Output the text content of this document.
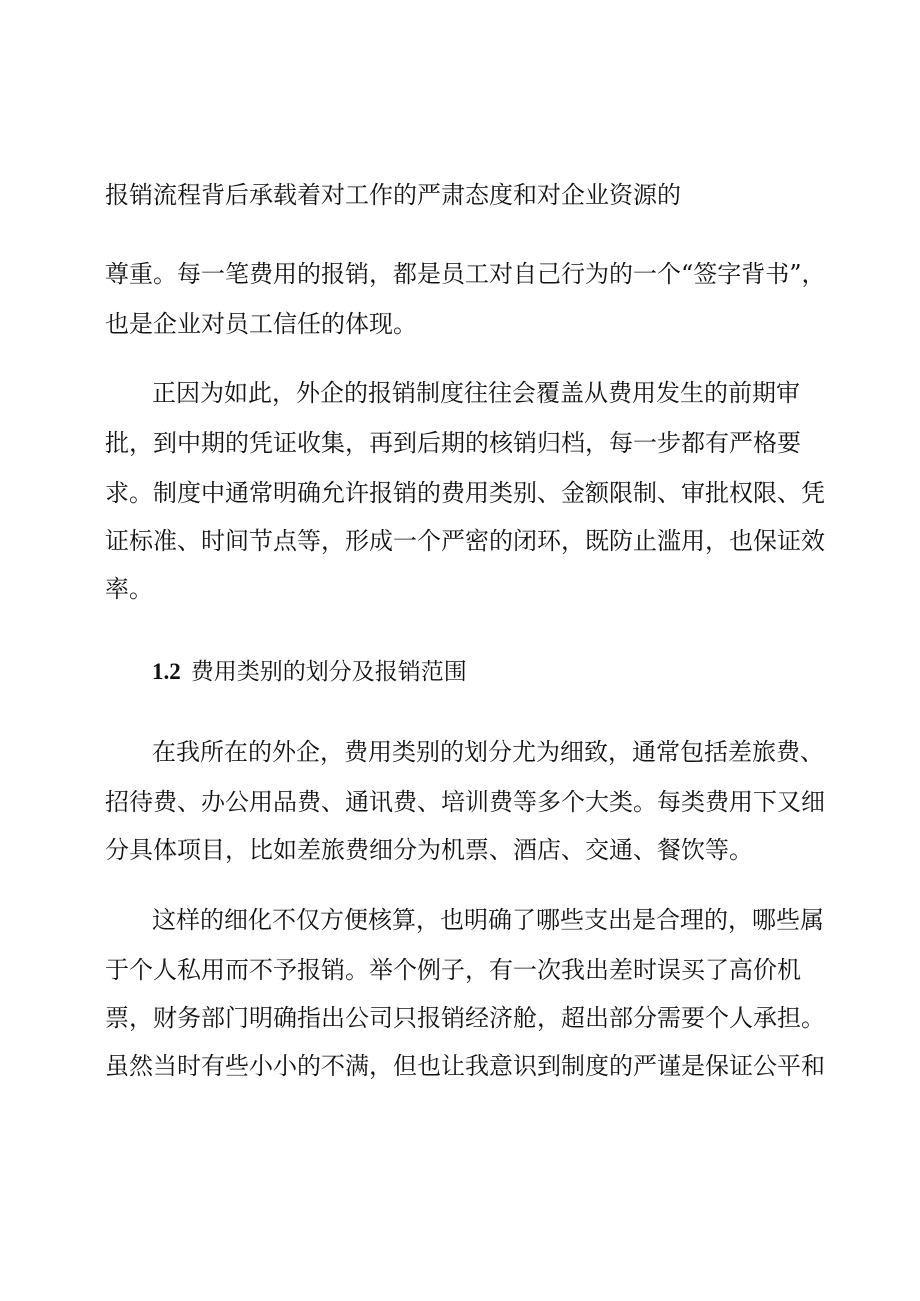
报销流程背后承载着对工作的严肃态度和对企业资源的
尊重。每一笔费用的报销，都是员工对自己行为的一个“签字背书”，
也是企业对员工信任的体现。
正因为如此，外企的报销制度往往会覆盖从费用发生的前期审
批，到中期的凭证收集，再到后期的核销归档，每一步都有严格要
求。制度中通常明确允许报销的费用类别、金额限制、审批权限、凭
证标准、时间节点等，形成一个严密的闭环，既防止滥用，也保证效
率。
1.2 费用类别的划分及报销范围
在我所在的外企，费用类别的划分尤为细致，通常包括差旅费、
招待费、办公用品费、通讯费、培训费等多个大类。每类费用下又细
分具体项目，比如差旅费细分为机票、酒店、交通、餐饮等。
这样的细化不仅方便核算，也明确了哪些支出是合理的，哪些属
于个人私用而不予报销。举个例子，有一次我出差时误买了高价机
票，财务部门明确指出公司只报销经济舱，超出部分需要个人承担。
虽然当时有些小小的不满，但也让我意识到制度的严谨是保证公平和
